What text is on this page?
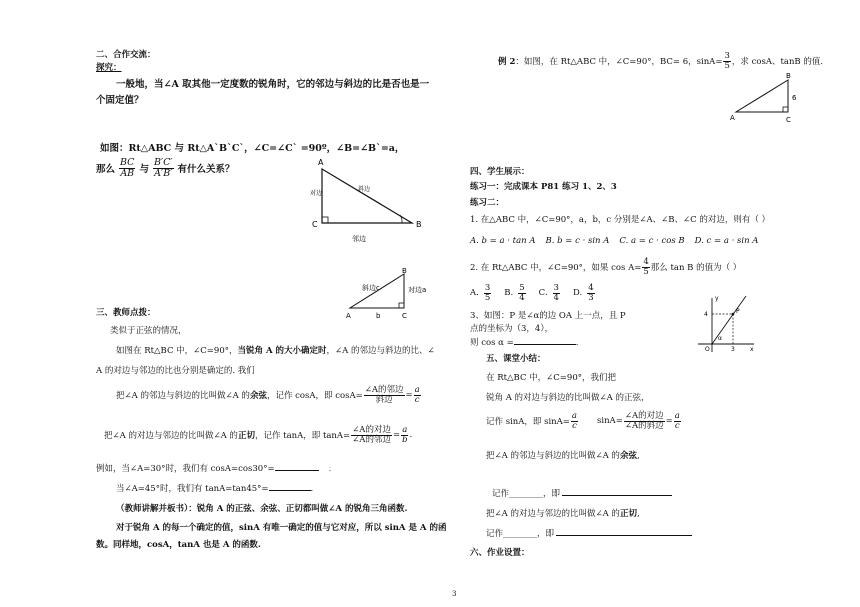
二、合作交流：
探究：
一般地，当∠A 取其他一定度数的锐角时，它的邻边与斜边的比是否也是一
个固定值？
如图：Rt△ABC 与 Rt△A`B`C`，∠C=∠C` =90º，∠B=∠B`=a，
那么 $\frac{BC}{AB}$ 与 $\frac{B'C'}{A'B'}$ 有什么关系？
A
C	B
斜边
对边
邻边
A	C
B
斜边c	对边a
b
三、教师点拨：
类似于正弦的情况，
如图在 Rt△BC 中，∠C=90°，当锐角 A 的大小确定时，∠A 的邻边与斜边的比、∠
A 的对边与邻边的比也分别是确定的. 我们
把∠A 的邻边与斜边的比叫做∠A 的 余弦 ，记作 cosA，即 $\cos A= \frac{\text{∠A的邻边}}{\text{斜边}} = \frac{a}{c}$
把∠A 的对边与邻边的比叫做∠A 的 正切 ，记作 tanA，即 $\tan A= \frac{\text{∠A的对边}}{\text{∠A的邻边}} = \frac{a}{b}$ .
例如，当∠A=30°时，我们有 cosA=cos30°=	；
当∠A=45°时，我们有 tanA=tan45°=	.
（教师讲解并板书）：锐角 A 的正弦、余弦、正切都叫做∠A 的锐角三角函数.
对于锐角 A 的每一个确定的值，sinA 有唯一确定的值与它对应，所以 sinA 是 A 的函
数。同样地，cosA，tanA 也是 A 的函数.
例 2 ：如图，在 Rt△ABC 中，∠C=90°，BC= 6，$\sin A= \frac{3}{5}$ ，求 cosA、tanB 的值.
A	C
B
6
四、学生展示：
练习一：完成课本 P81 练习 1、2、3
练习二：
1. 在△ABC 中，∠C=90°，a，b，c 分别是∠A、∠B、∠C 的对边，则有（ ）
A. b = a · tan A B. b = c · sin A C. a = c · cos B D. c = a · sin A
2. 在 Rt△ABC 中，∠C=90°，如果 $\cos A= \frac{4}{5}$ 那么 tan B 的值为（ ）
A. $\frac{3}{5} B$. $\frac{5}{4} C$. $\frac{3}{4} D$. $\frac{4}{3}$
3、如图：P 是∠α的边 OA 上一点，且 P
点的坐标为（3，4），
则 cos α =	.
y
x
P
O
α
4
3
五、课堂小结：
在 Rt△BC 中，∠C=90°，我们把
锐角 A 的对边与斜边的比叫做∠A 的正弦，
记作 sinA，即 $\sin A= \frac{a}{c} \sin A= \frac{\text{∠A的对边}}{\text{∠A的斜边}} = \frac{a}{c}$
把∠A 的邻边与斜边的比叫做∠A 的余弦,
记作________，即
把∠A 的对边与邻边的比叫做∠A 的正切,
记作________，即
六、作业设置：
3
